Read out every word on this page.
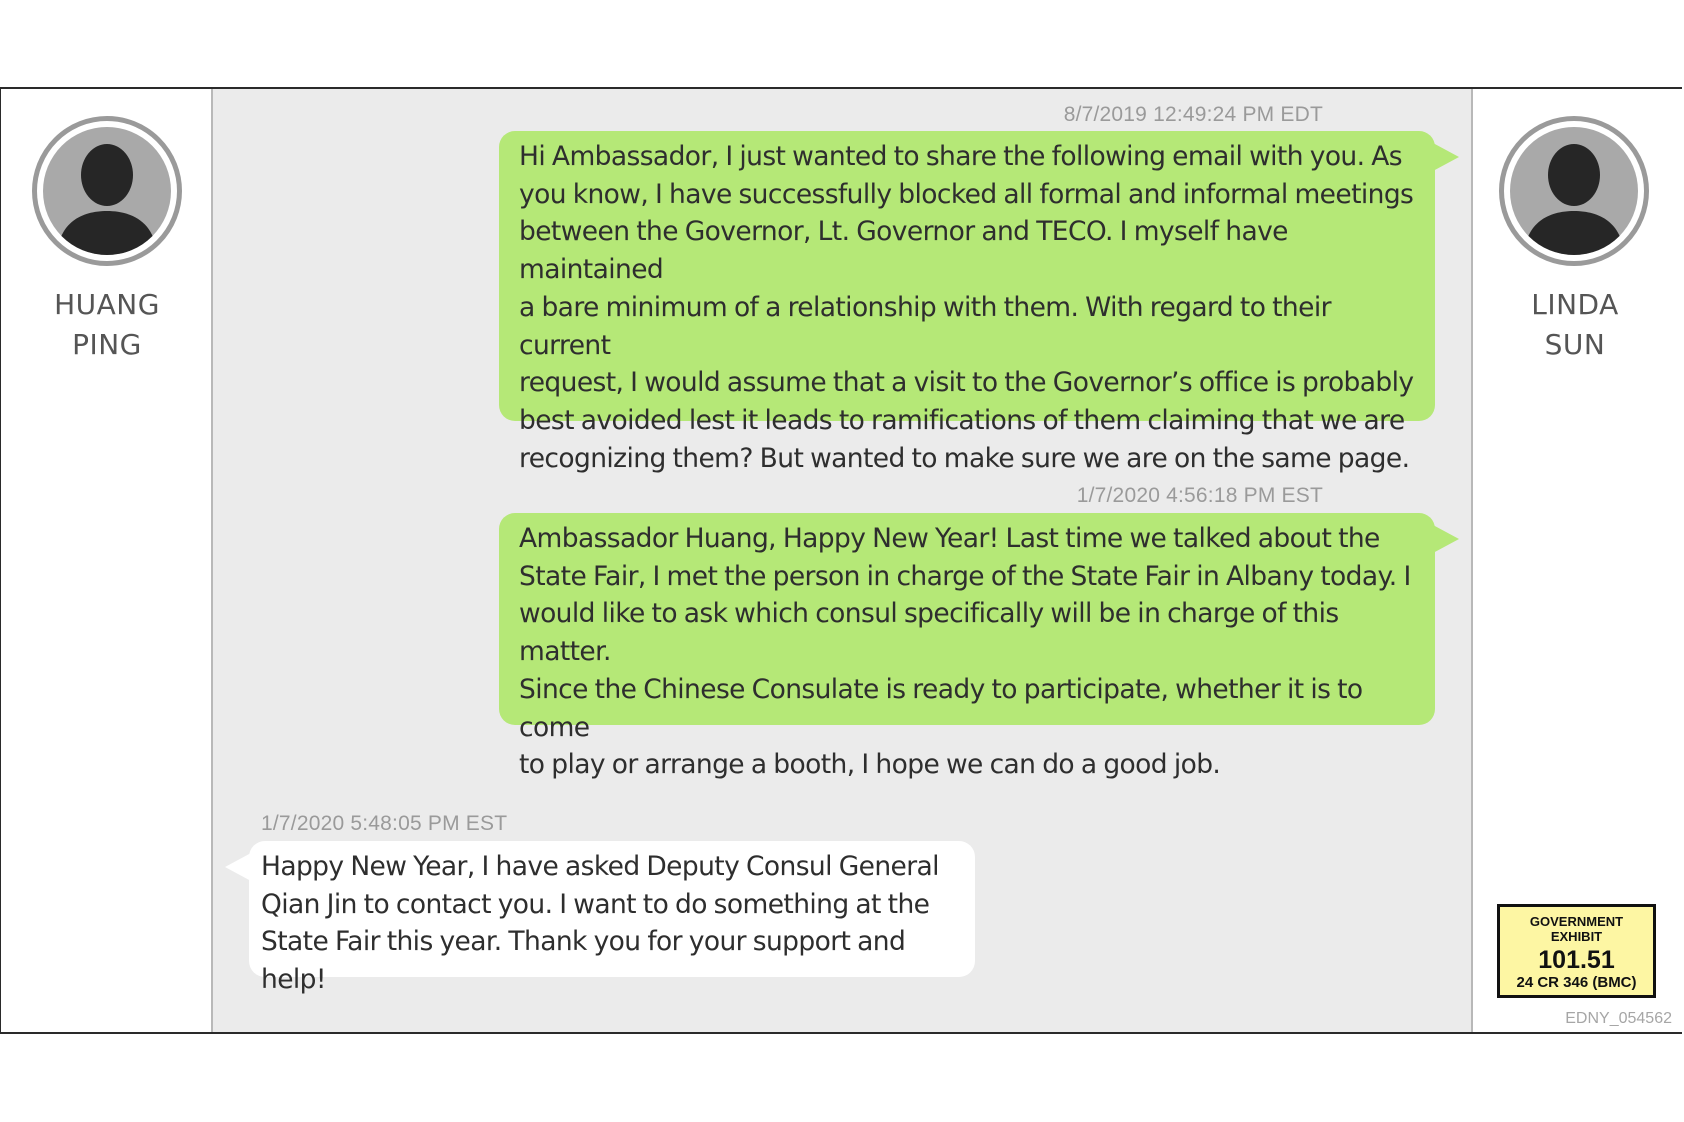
HUANG
PING
8/7/2019 12:49:24 PM EDT
Hi Ambassador, I just wanted to share the following email with you. As
you know, I have successfully blocked all formal and informal meetings
between the Governor, Lt. Governor and TECO. I myself have maintained
a bare minimum of a relationship with them. With regard to their current
request, I would assume that a visit to the Governor’s office is probably
best avoided lest it leads to ramifications of them claiming that we are
recognizing them? But wanted to make sure we are on the same page.
1/7/2020 4:56:18 PM EST
Ambassador Huang, Happy New Year! Last time we talked about the
State Fair, I met the person in charge of the State Fair in Albany today. I
would like to ask which consul specifically will be in charge of this matter.
Since the Chinese Consulate is ready to participate, whether it is to come
to play or arrange a booth, I hope we can do a good job.
1/7/2020 5:48:05 PM EST
Happy New Year, I have asked Deputy Consul General
Qian Jin to contact you. I want to do something at the
State Fair this year. Thank you for your support and help!
LINDA
SUN
GOVERNMENT
EXHIBIT
101.51
24 CR 346 (BMC)
EDNY_054562
